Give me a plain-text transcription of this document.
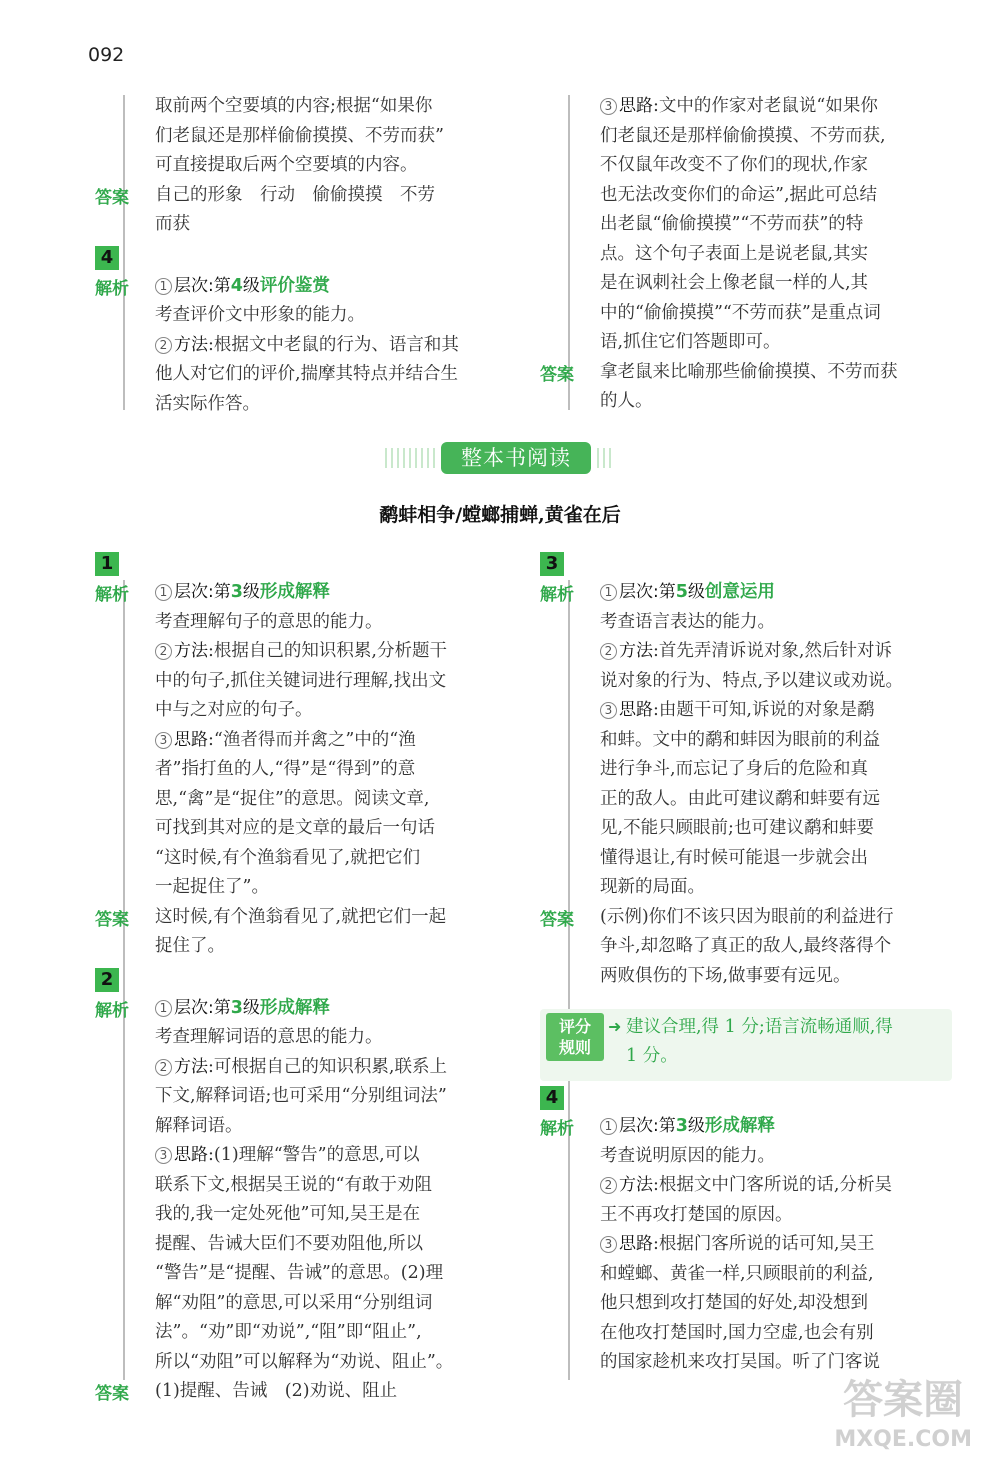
092
取前两个空要填的内容;根据“如果你
们老鼠还是那样偷偷摸摸、不劳而获”
可直接提取后两个空要填的内容。
答案 自己的形象　行动　偷偷摸摸　不劳
而获
4
解析	1 层次:第4级评价鉴赏
考查评价文中形象的能力。
2 方法:根据文中老鼠的行为、语言和其
他人对它们的评价,揣摩其特点并结合生
活实际作答。
3 思路:文中的作家对老鼠说“如果你
们老鼠还是那样偷偷摸摸、不劳而获,
不仅鼠年改变不了你们的现状,作家
也无法改变你们的命运”,据此可总结
出老鼠“偷偷摸摸”“不劳而获”的特
点。这个句子表面上是说老鼠,其实
是在讽刺社会上像老鼠一样的人,其
中的“偷偷摸摸”“不劳而获”是重点词
语,抓住它们答题即可。
答案 拿老鼠来比喻那些偷偷摸摸、不劳而获
的人。
整本书阅读
鹬蚌相争/螳螂捕蝉,黄雀在后
1
解析	1 层次:第3级形成解释
考查理解句子的意思的能力。
2 方法:根据自己的知识积累,分析题干
中的句子,抓住关键词进行理解,找出文
中与之对应的句子。
3 思路:“渔者得而并禽之”中的“渔
者”指打鱼的人,“得”是“得到”的意
思,“禽”是“捉住”的意思。阅读文章,
可找到其对应的是文章的最后一句话
“这时候,有个渔翁看见了,就把它们
一起捉住了”。
答案 这时候,有个渔翁看见了,就把它们一起
捉住了。
2
解析	1 层次:第3级形成解释
考查理解词语的意思的能力。
2 方法:可根据自己的知识积累,联系上
下文,解释词语;也可采用“分别组词法”
解释词语。
3 思路:(1)理解“警告”的意思,可以
联系下文,根据吴王说的“有敢于劝阻
我的,我一定处死他”可知,吴王是在
提醒、告诫大臣们不要劝阻他,所以
“警告”是“提醒、告诫”的意思。(2)理
解“劝阻”的意思,可以采用“分别组词
法”。“劝”即“劝说”,“阻”即“阻止”,
所以“劝阻”可以解释为“劝说、阻止”。
答案 (1)提醒、告诫　(2)劝说、阻止
3
解析	1 层次:第5级创意运用
考查语言表达的能力。
2 方法:首先弄清诉说对象,然后针对诉
说对象的行为、特点,予以建议或劝说。
3 思路:由题干可知,诉说的对象是鹬
和蚌。文中的鹬和蚌因为眼前的利益
进行争斗,而忘记了身后的危险和真
正的敌人。由此可建议鹬和蚌要有远
见,不能只顾眼前;也可建议鹬和蚌要
懂得退让,有时候可能退一步就会出
现新的局面。
答案 (示例)你们不该只因为眼前的利益进行
争斗,却忽略了真正的敌人,最终落得个
两败俱伤的下场,做事要有远见。
评分
规则
➜ 建议合理,得 1 分;语言流畅通顺,得
1 分。
4
解析	1 层次:第3级形成解释
考查说明原因的能力。
2 方法:根据文中门客所说的话,分析吴
王不再攻打楚国的原因。
3 思路:根据门客所说的话可知,吴王
和螳螂、黄雀一样,只顾眼前的利益,
他只想到攻打楚国的好处,却没想到
在他攻打楚国时,国力空虚,也会有别
的国家趁机来攻打吴国。听了门客说
答案圈
MXQE.COM
